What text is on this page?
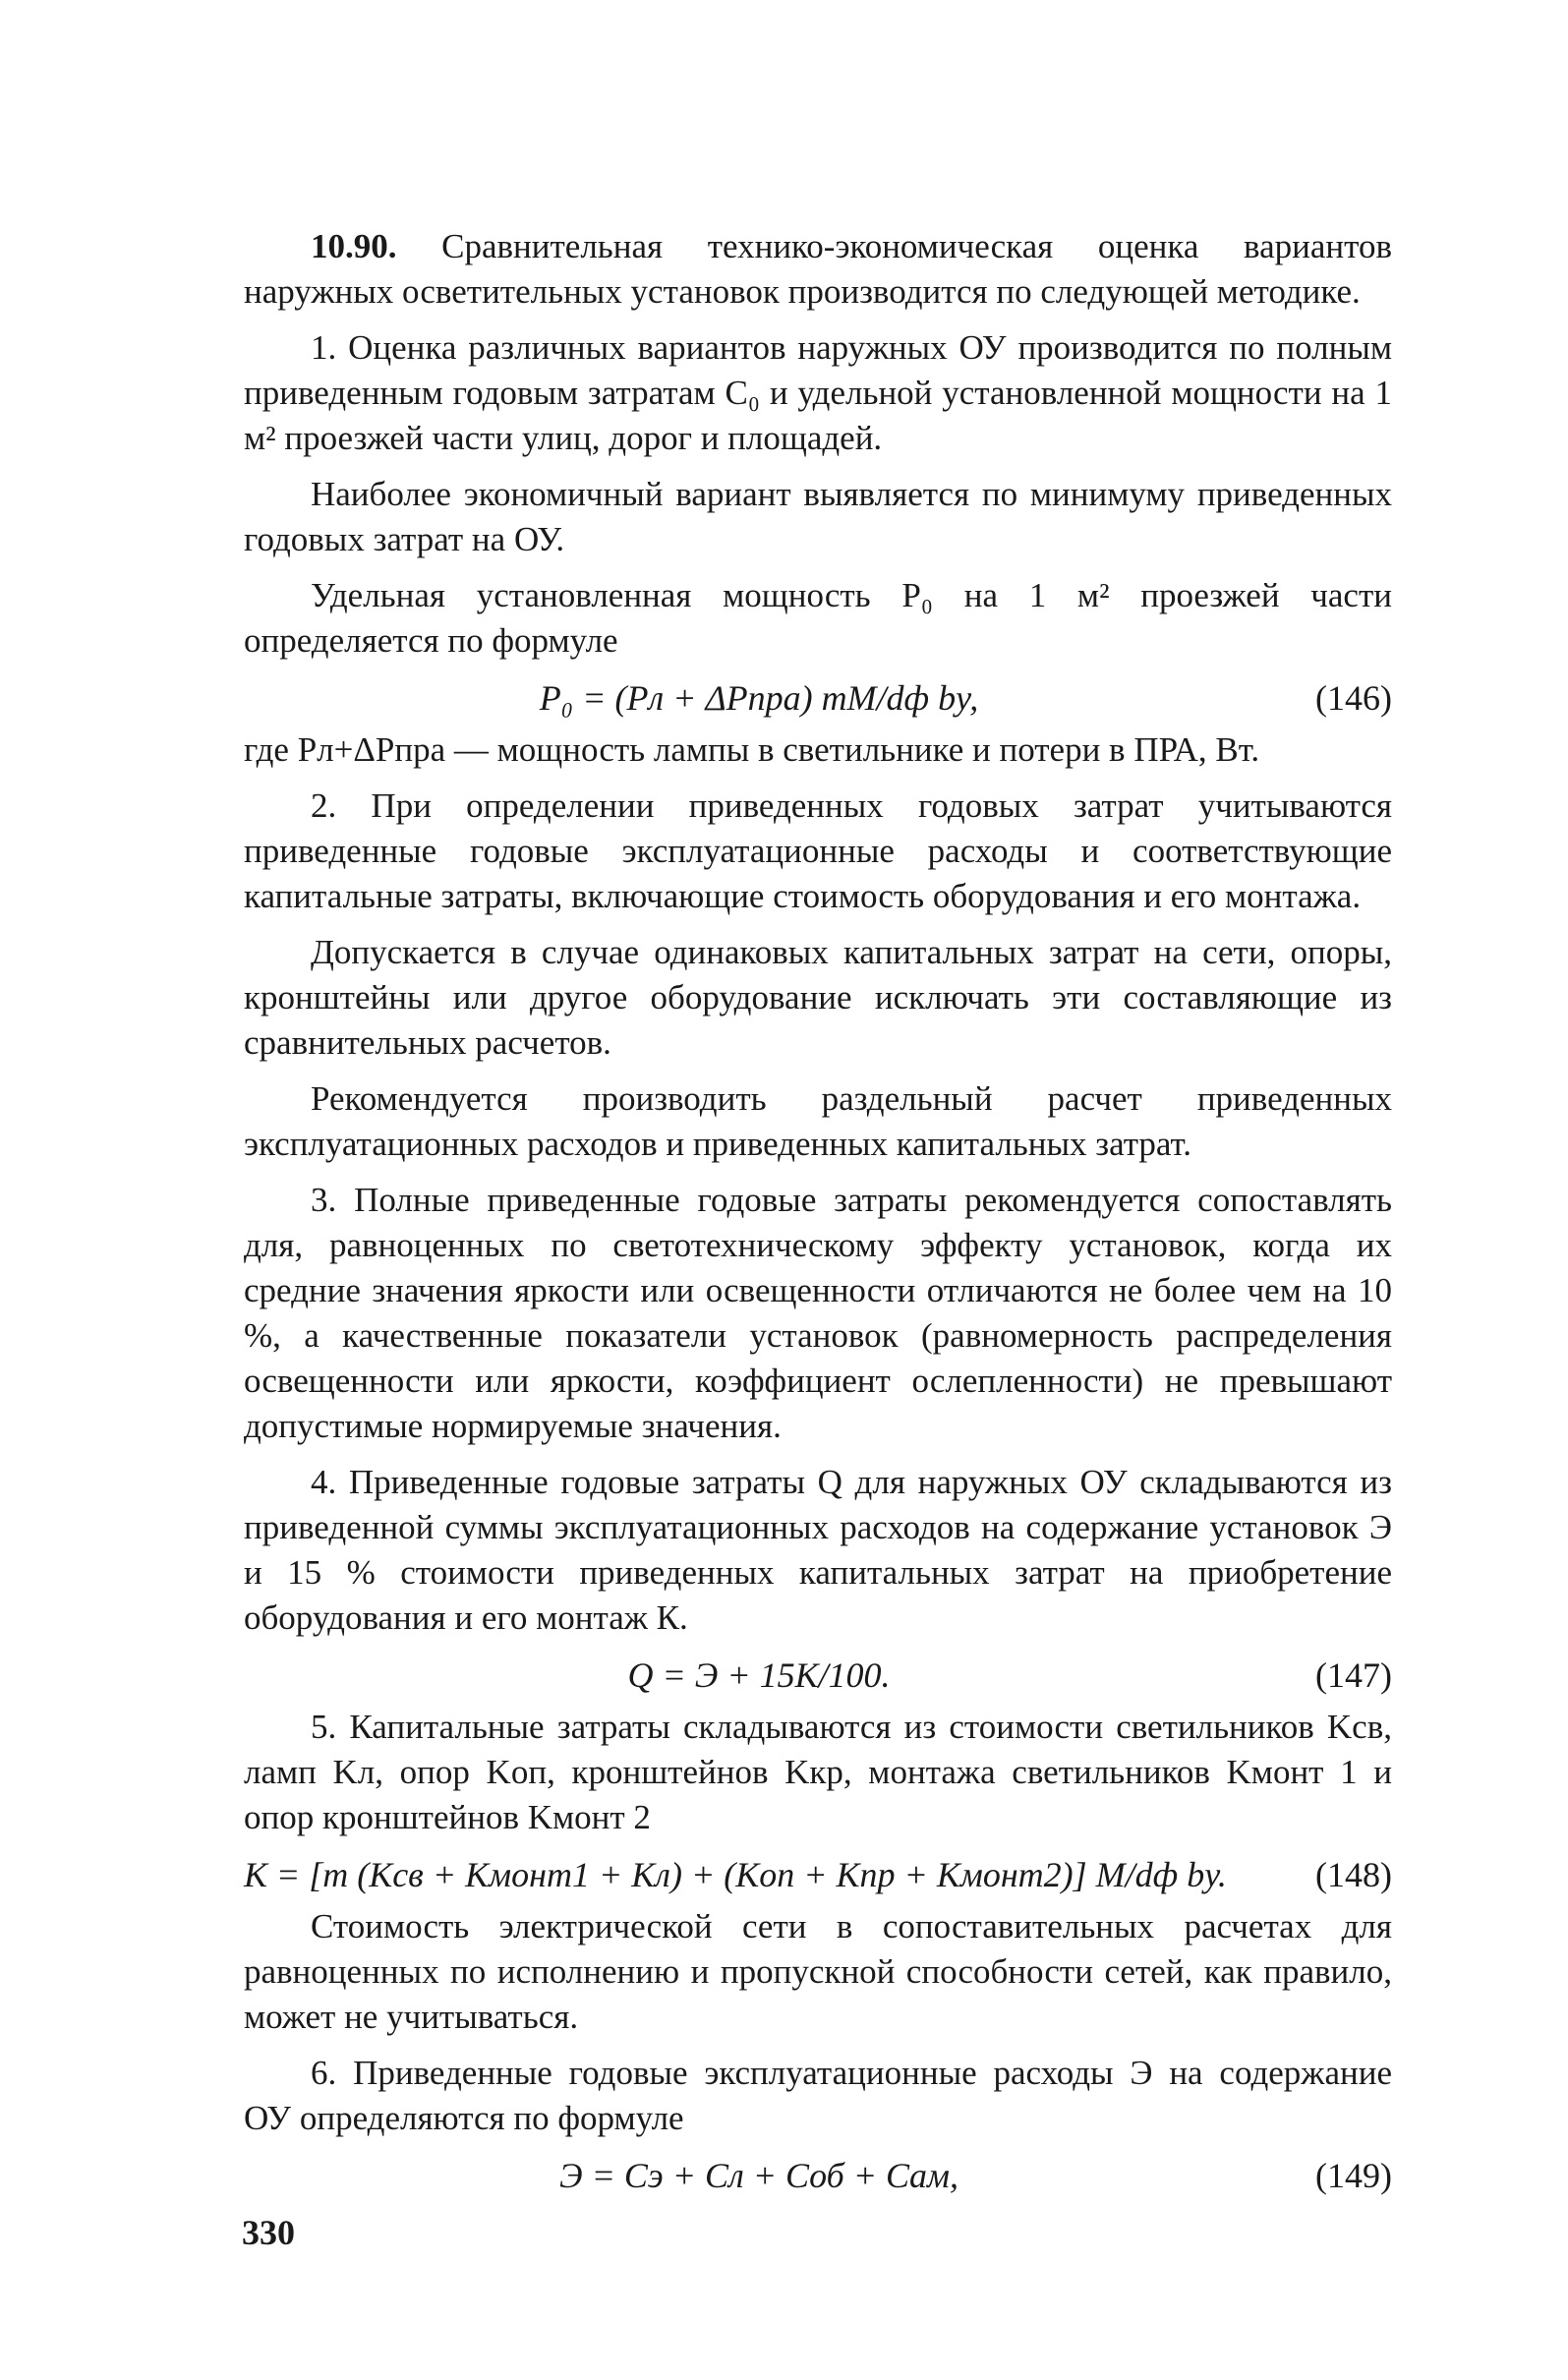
10.90. Сравнительная технико-экономическая оценка вариантов наружных осветительных установок производится по следующей методике.

1. Оценка различных вариантов наружных ОУ производится по полным приведенным годовым затратам С₀ и удельной установленной мощности на 1 м² проезжей части улиц, дорог и площадей.

Наиболее экономичный вариант выявляется по минимуму приведенных годовых затрат на ОУ.

Удельная установленная мощность P₀ на 1 м² проезжей части определяется по формуле

P₀ = (Pл + ΔPпра) mM/dф bу,	(146)

где Pл+ΔPпра — мощность лампы в светильнике и потери в ПРА, Вт.

2. При определении приведенных годовых затрат учитываются приведенные годовые эксплуатационные расходы и соответствующие капитальные затраты, включающие стоимость оборудования и его монтажа.

Допускается в случае одинаковых капитальных затрат на сети, опоры, кронштейны или другое оборудование исключать эти составляющие из сравнительных расчетов.

Рекомендуется производить раздельный расчет приведенных эксплуатационных расходов и приведенных капитальных затрат.

3. Полные приведенные годовые затраты рекомендуется сопоставлять для, равноценных по светотехническому эффекту установок, когда их средние значения яркости или освещенности отличаются не более чем на 10 %, а качественные показатели установок (равномерность распределения освещенности или яркости, коэффициент ослепленности) не превышают допустимые нормируемые значения.

4. Приведенные годовые затраты Q для наружных ОУ складываются из приведенной суммы эксплуатационных расходов на содержание установок Э и 15 % стоимости приведенных капитальных затрат на приобретение оборудования и его монтаж К.

Q = Э + 15К/100.	(147)

5. Капитальные затраты складываются из стоимости светильников Kсв, ламп Kл, опор Kоп, кронштейнов Kкр, монтажа светильников Kмонт 1 и опор кронштейнов Kмонт 2

К = [m (Kсв + Kмонт1 + Kл) + (Kоп + Kпр + Kмонт2)] M/dф bу.	(148)

Стоимость электрической сети в сопоставительных расчетах для равноценных по исполнению и пропускной способности сетей, как правило, может не учитываться.

6. Приведенные годовые эксплуатационные расходы Э на содержание ОУ определяются по формуле

Э = Cэ + Cл + Cоб + Cам,	(149)
330
